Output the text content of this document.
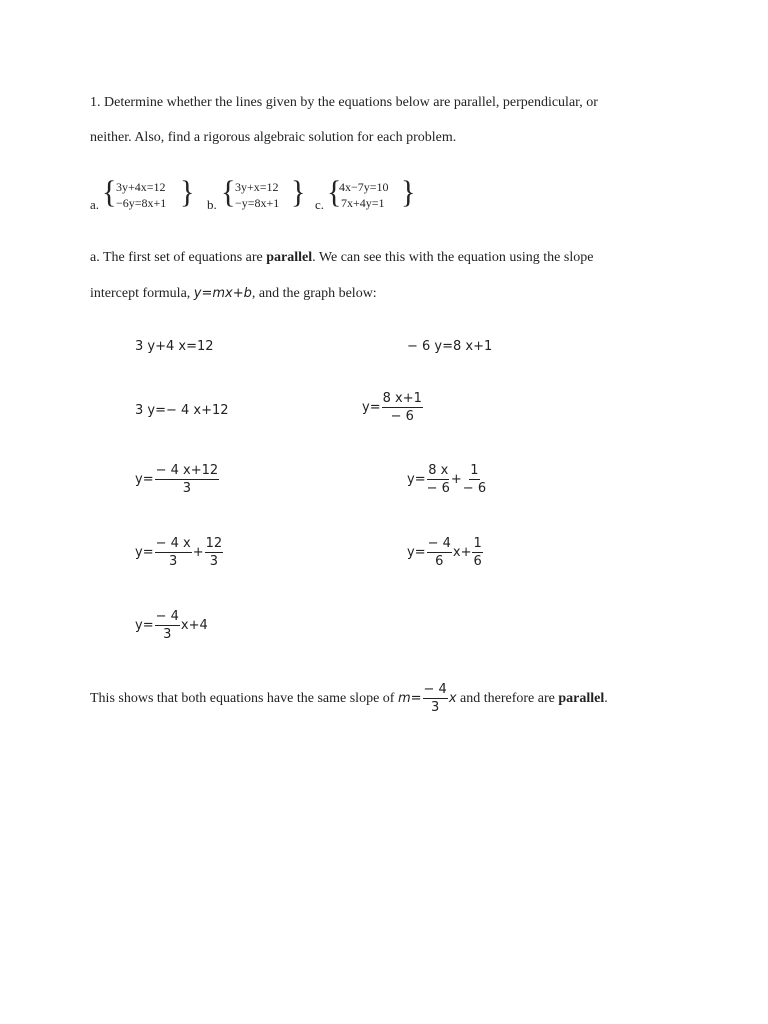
1. Determine whether the lines given by the equations below are parallel, perpendicular, or

neither. Also, find a rigorous algebraic solution for each problem.

a. { 3y+4x=12
−6y=8x+1 } b. { 3y+x=12
−y=8x+1 } c. {
4x−7y=10
7x+4y=1 }

a. The first set of equations are parallel. We can see this with the equation using the slope

intercept formula, y=mx+b, and the graph below:

3 y+4 x=12
3 y=− 4 x+12
$y= \frac{- 4 x+12}{3}$
$y= \frac{- 4 x}{3} + \frac{12}{3}$
$y= \frac{- 4}{3} x+4$
− 6 y=8 x+1
$y= \frac{8 x+1}{- 6}$
$y= \frac{8 x}{- 6} + \frac{1}{- 6}$
$y= \frac{- 4}{6} x+ \frac{1}{6}$
This shows that both equations have the same slope of $m= \frac{- 4}{3}$ x and therefore are parallel .
